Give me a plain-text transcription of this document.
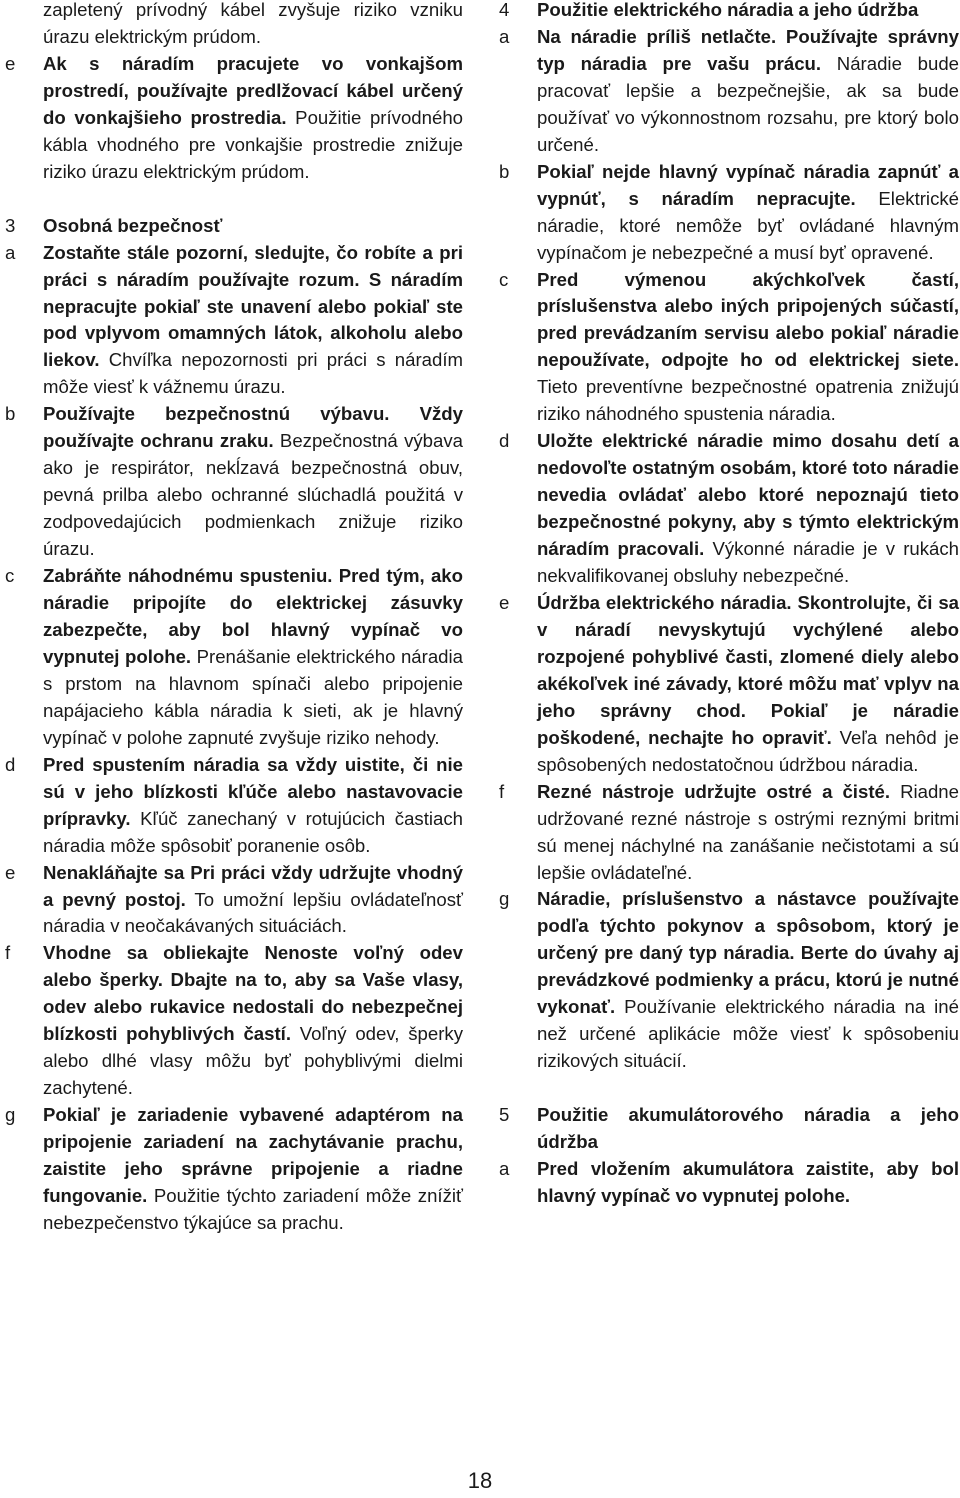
zapletený prívodný kábel zvyšuje riziko vzniku úrazu elektrickým prúdom.
e	Ak s náradím pracujete vo vonkajšom prostredí, používajte predlžovací kábel určený do vonkajšieho prostredia. Použitie prívodného kábla vhodného pre vonkajšie prostredie znižuje riziko úrazu elektrickým prúdom.
3	Osobná bezpečnosť
a	Zostaňte stále pozorní, sledujte, čo robíte a pri práci s náradím používajte rozum. S náradím nepracujte pokiaľ ste unavení alebo pokiaľ ste pod vplyvom omamných látok, alkoholu alebo liekov. Chvíľka nepozornosti pri práci s náradím môže viesť k vážnemu úrazu.
b	Používajte bezpečnostnú výbavu. Vždy používajte ochranu zraku. Bezpečnostná výbava ako je respirátor, nekĺzavá bezpečnostná obuv, pevná prilba alebo ochranné slúchadlá použitá v zodpovedajúcich podmienkach znižuje riziko úrazu.
c	Zabráňte náhodnému spusteniu. Pred tým, ako náradie pripojíte do elektrickej zásuvky zabezpečte, aby bol hlavný vypínač vo vypnutej polohe. Prenášanie elektrického náradia s prstom na hlavnom spínači alebo pripojenie napájacieho kábla náradia k sieti, ak je hlavný vypínač v polohe zapnuté zvyšuje riziko nehody.
d	Pred spustením náradia sa vždy uistite, či nie sú v jeho blízkosti kľúče alebo nastavovacie prípravky. Kľúč zanechaný v rotujúcich častiach náradia môže spôsobiť poranenie osôb.
e	Nenakláňajte sa Pri práci vždy udržujte vhodný a pevný postoj. To umožní lepšiu ovládateľnosť náradia v neočakávaných situáciách.
f	Vhodne sa obliekajte Nenoste voľný odev alebo šperky. Dbajte na to, aby sa Vaše vlasy, odev alebo rukavice nedostali do nebezpečnej blízkosti pohyblivých častí. Voľný odev, šperky alebo dlhé vlasy môžu byť pohyblivými dielmi zachytené.
g	Pokiaľ je zariadenie vybavené adaptérom na pripojenie zariadení na zachytávanie prachu, zaistite jeho správne pripojenie a riadne fungovanie. Použitie týchto zariadení môže znížiť nebezpečenstvo týkajúce sa prachu.
4	Použitie elektrického náradia a jeho údržba
a	Na náradie príliš netlačte. Používajte správny typ náradia pre vašu prácu. Náradie bude pracovať lepšie a bezpečnejšie, ak sa bude používať vo výkonnostnom rozsahu, pre ktorý bolo určené.
b	Pokiaľ nejde hlavný vypínač náradia zapnúť a vypnúť, s náradím nepracujte. Elektrické náradie, ktoré nemôže byť ovládané hlavným vypínačom je nebezpečné a musí byť opravené.
c	Pred výmenou akýchkoľvek častí, príslušenstva alebo iných pripojených súčastí, pred prevádzaním servisu alebo pokiaľ náradie nepoužívate, odpojte ho od elektrickej siete. Tieto preventívne bezpečnostné opatrenia znižujú riziko náhodného spustenia náradia.
d	Uložte elektrické náradie mimo dosahu detí a nedovoľte ostatným osobám, ktoré toto náradie nevedia ovládať alebo ktoré nepoznajú tieto bezpečnostné pokyny, aby s týmto elektrickým náradím pracovali. Výkonné náradie je v rukách nekvalifikovanej obsluhy nebezpečné.
e	Údržba elektrického náradia. Skontrolujte, či sa v náradí nevyskytujú vychýlené alebo rozpojené pohyblivé časti, zlomené diely alebo akékoľvek iné závady, ktoré môžu mať vplyv na jeho správny chod. Pokiaľ je náradie poškodené, nechajte ho opraviť. Veľa nehôd je spôsobených nedostatočnou údržbou náradia.
f	Rezné nástroje udržujte ostré a čisté. Riadne udržované rezné nástroje s ostrými reznými britmi sú menej náchylné na zanášanie nečistotami a sú lepšie ovládateľné.
g	Náradie, príslušenstvo a nástavce používajte podľa týchto pokynov a spôsobom, ktorý je určený pre daný typ náradia. Berte do úvahy aj prevádzkové podmienky a prácu, ktorú je nutné vykonať. Používanie elektrického náradia na iné než určené aplikácie môže viesť k spôsobeniu rizikových situácií.
5	Použitie akumulátorového náradia a jeho údržba
a	Pred vložením akumulátora zaistite, aby bol hlavný vypínač vo vypnutej polohe.
18
